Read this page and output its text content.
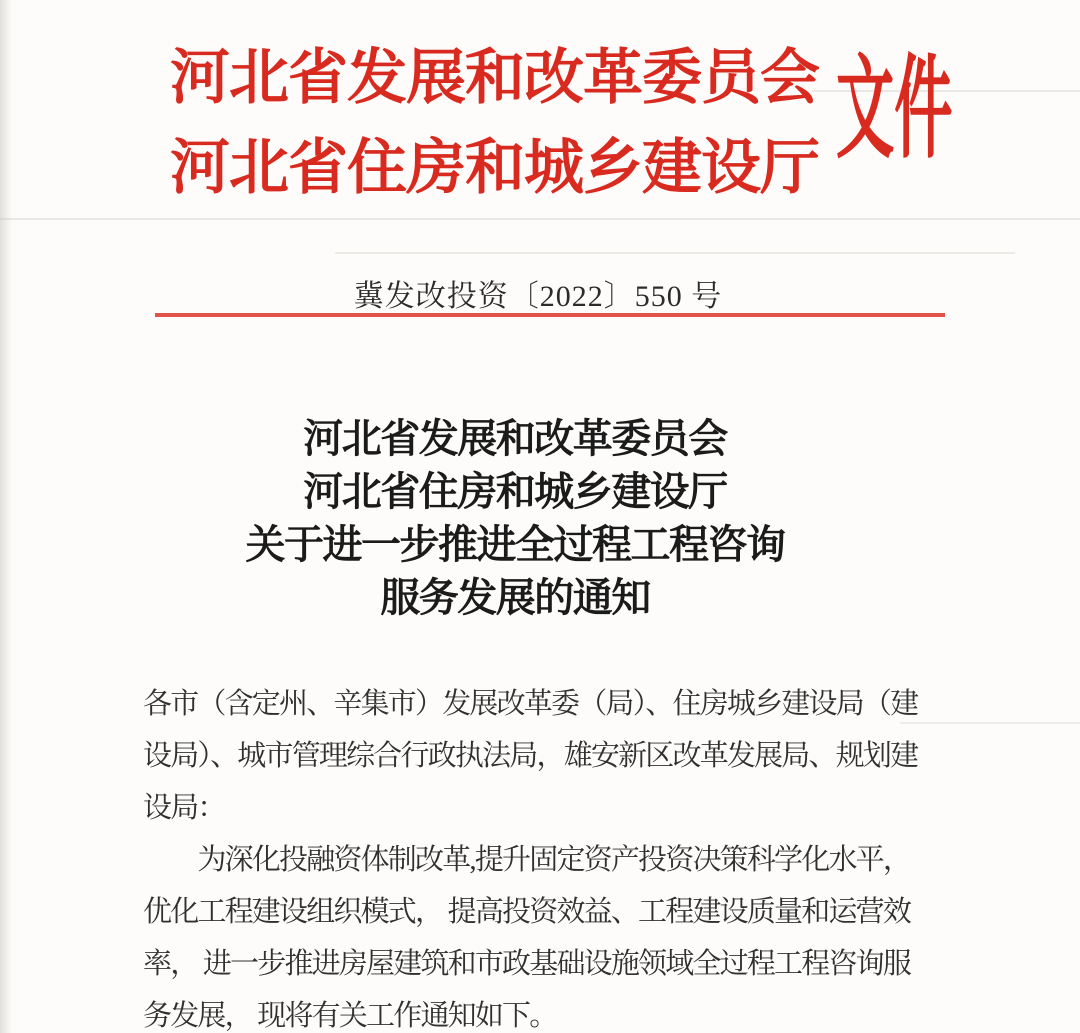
河北省发展和改革委员会
河北省住房和城乡建设厅 文件
冀发改投资〔2022〕550 号
河北省发展和改革委员会
河北省住房和城乡建设厅
关于进一步推进全过程工程咨询
服务发展的通知
各市（含定州、辛集市）发展改革委（局）、住房城乡建设局（建
设局）、城市管理综合行政执法局，雄安新区改革发展局、规划建
设局：
　　为深化投融资体制改革,提升固定资产投资决策科学化水平，
优化工程建设组织模式， 提高投资效益、工程建设质量和运营效
率， 进一步推进房屋建筑和市政基础设施领域全过程工程咨询服
务发展， 现将有关工作通知如下。
